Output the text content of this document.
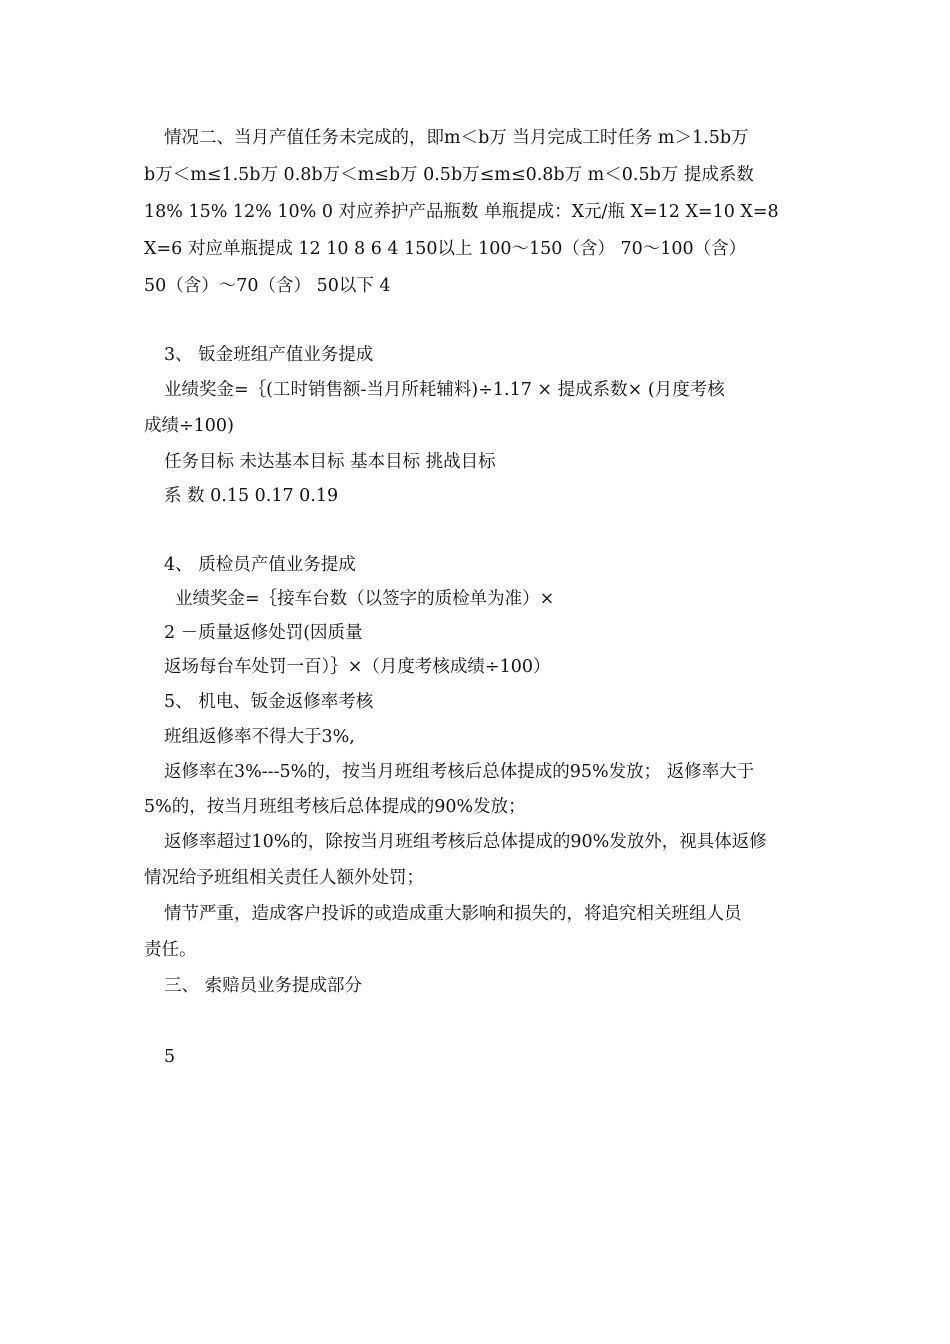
情况二、当月产值任务未完成的，即m＜b万 当月完成工时任务 m＞1.5b万
b万＜m≤1.5b万 0.8b万＜m≤b万 0.5b万≤m≤0.8b万 m＜0.5b万 提成系数
18% 15% 12% 10% 0 对应养护产品瓶数 单瓶提成：X元/瓶 X=12 X=10 X=8
X=6 对应单瓶提成 12 10 8 6 4 150以上 100～150（含） 70～100（含）
50（含）～70（含） 50以下 4
3、 钣金班组产值业务提成
业绩奖金=｛(工时销售额-当月所耗辅料)÷1.17 × 提成系数× (月度考核
成绩÷100)
任务目标 未达基本目标 基本目标 挑战目标
系 数 0.15 0.17 0.19
4、 质检员产值业务提成
业绩奖金=｛接车台数（以签字的质检单为准）×
2 －质量返修处罚(因质量
返场每台车处罚一百）｝×（月度考核成绩÷100）
5、 机电、钣金返修率考核
班组返修率不得大于3%,
返修率在3%---5%的，按当月班组考核后总体提成的95%发放； 返修率大于
5%的，按当月班组考核后总体提成的90%发放；
返修率超过10%的，除按当月班组考核后总体提成的90%发放外，视具体返修
情况给予班组相关责任人额外处罚；
情节严重，造成客户投诉的或造成重大影响和损失的，将追究相关班组人员
责任。
三、 索赔员业务提成部分
5
